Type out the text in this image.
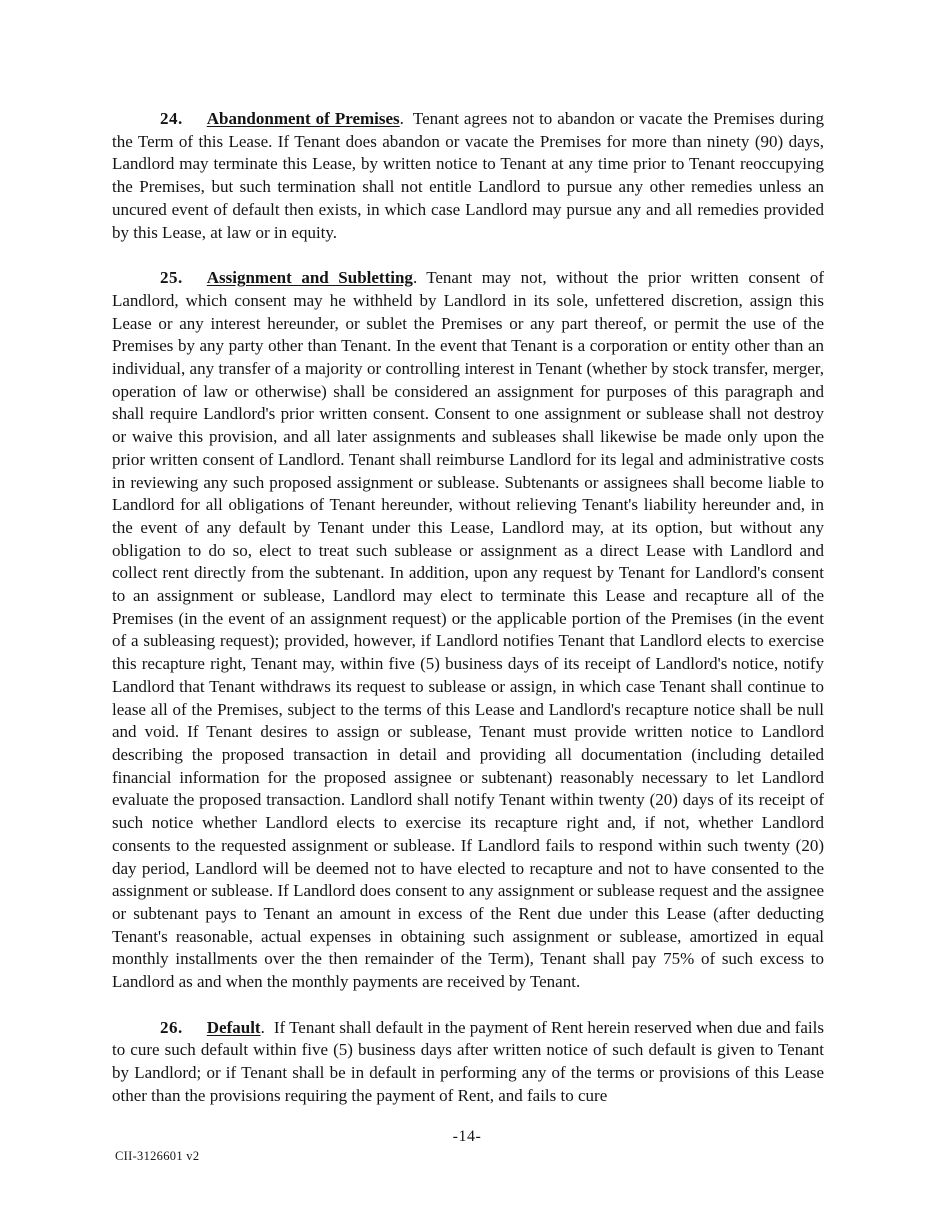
24. Abandonment of Premises. Tenant agrees not to abandon or vacate the Premises during the Term of this Lease. If Tenant does abandon or vacate the Premises for more than ninety (90) days, Landlord may terminate this Lease, by written notice to Tenant at any time prior to Tenant reoccupying the Premises, but such termination shall not entitle Landlord to pursue any other remedies unless an uncured event of default then exists, in which case Landlord may pursue any and all remedies provided by this Lease, at law or in equity.

25. Assignment and Subletting. Tenant may not, without the prior written consent of Landlord, which consent may he withheld by Landlord in its sole, unfettered discretion, assign this Lease or any interest hereunder, or sublet the Premises or any part thereof, or permit the use of the Premises by any party other than Tenant. In the event that Tenant is a corporation or entity other than an individual, any transfer of a majority or controlling interest in Tenant (whether by stock transfer, merger, operation of law or otherwise) shall be considered an assignment for purposes of this paragraph and shall require Landlord's prior written consent. Consent to one assignment or sublease shall not destroy or waive this provision, and all later assignments and subleases shall likewise be made only upon the prior written consent of Landlord. Tenant shall reimburse Landlord for its legal and administrative costs in reviewing any such proposed assignment or sublease. Subtenants or assignees shall become liable to Landlord for all obligations of Tenant hereunder, without relieving Tenant's liability hereunder and, in the event of any default by Tenant under this Lease, Landlord may, at its option, but without any obligation to do so, elect to treat such sublease or assignment as a direct Lease with Landlord and collect rent directly from the subtenant. In addition, upon any request by Tenant for Landlord's consent to an assignment or sublease, Landlord may elect to terminate this Lease and recapture all of the Premises (in the event of an assignment request) or the applicable portion of the Premises (in the event of a subleasing request); provided, however, if Landlord notifies Tenant that Landlord elects to exercise this recapture right, Tenant may, within five (5) business days of its receipt of Landlord's notice, notify Landlord that Tenant withdraws its request to sublease or assign, in which case Tenant shall continue to lease all of the Premises, subject to the terms of this Lease and Landlord's recapture notice shall be null and void. If Tenant desires to assign or sublease, Tenant must provide written notice to Landlord describing the proposed transaction in detail and providing all documentation (including detailed financial information for the proposed assignee or subtenant) reasonably necessary to let Landlord evaluate the proposed transaction. Landlord shall notify Tenant within twenty (20) days of its receipt of such notice whether Landlord elects to exercise its recapture right and, if not, whether Landlord consents to the requested assignment or sublease. If Landlord fails to respond within such twenty (20) day period, Landlord will be deemed not to have elected to recapture and not to have consented to the assignment or sublease. If Landlord does consent to any assignment or sublease request and the assignee or subtenant pays to Tenant an amount in excess of the Rent due under this Lease (after deducting Tenant's reasonable, actual expenses in obtaining such assignment or sublease, amortized in equal monthly installments over the then remainder of the Term), Tenant shall pay 75% of such excess to Landlord as and when the monthly payments are received by Tenant.

26. Default. If Tenant shall default in the payment of Rent herein reserved when due and fails to cure such default within five (5) business days after written notice of such default is given to Tenant by Landlord; or if Tenant shall be in default in performing any of the terms or provisions of this Lease other than the provisions requiring the payment of Rent, and fails to cure

-14-
CII-3126601 v2
